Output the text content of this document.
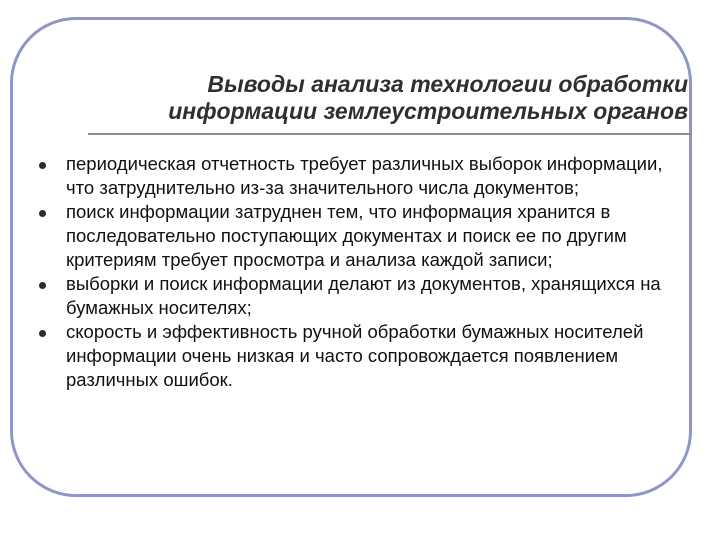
Выводы анализа технологии обработки
информации землеустроительных органов
периодическая отчетность требует различных выборок информации, что затруднительно из-за значительного числа документов;
поиск информации затруднен тем, что информация хранится в последовательно поступающих документах и поиск ее по другим критериям требует просмотра и анализа каждой записи;
выборки и поиск информации делают из документов, хранящихся на бумажных носителях;
скорость и эффективность ручной обработки бумажных носителей информации очень низкая и часто сопровождается появлением различных ошибок.
